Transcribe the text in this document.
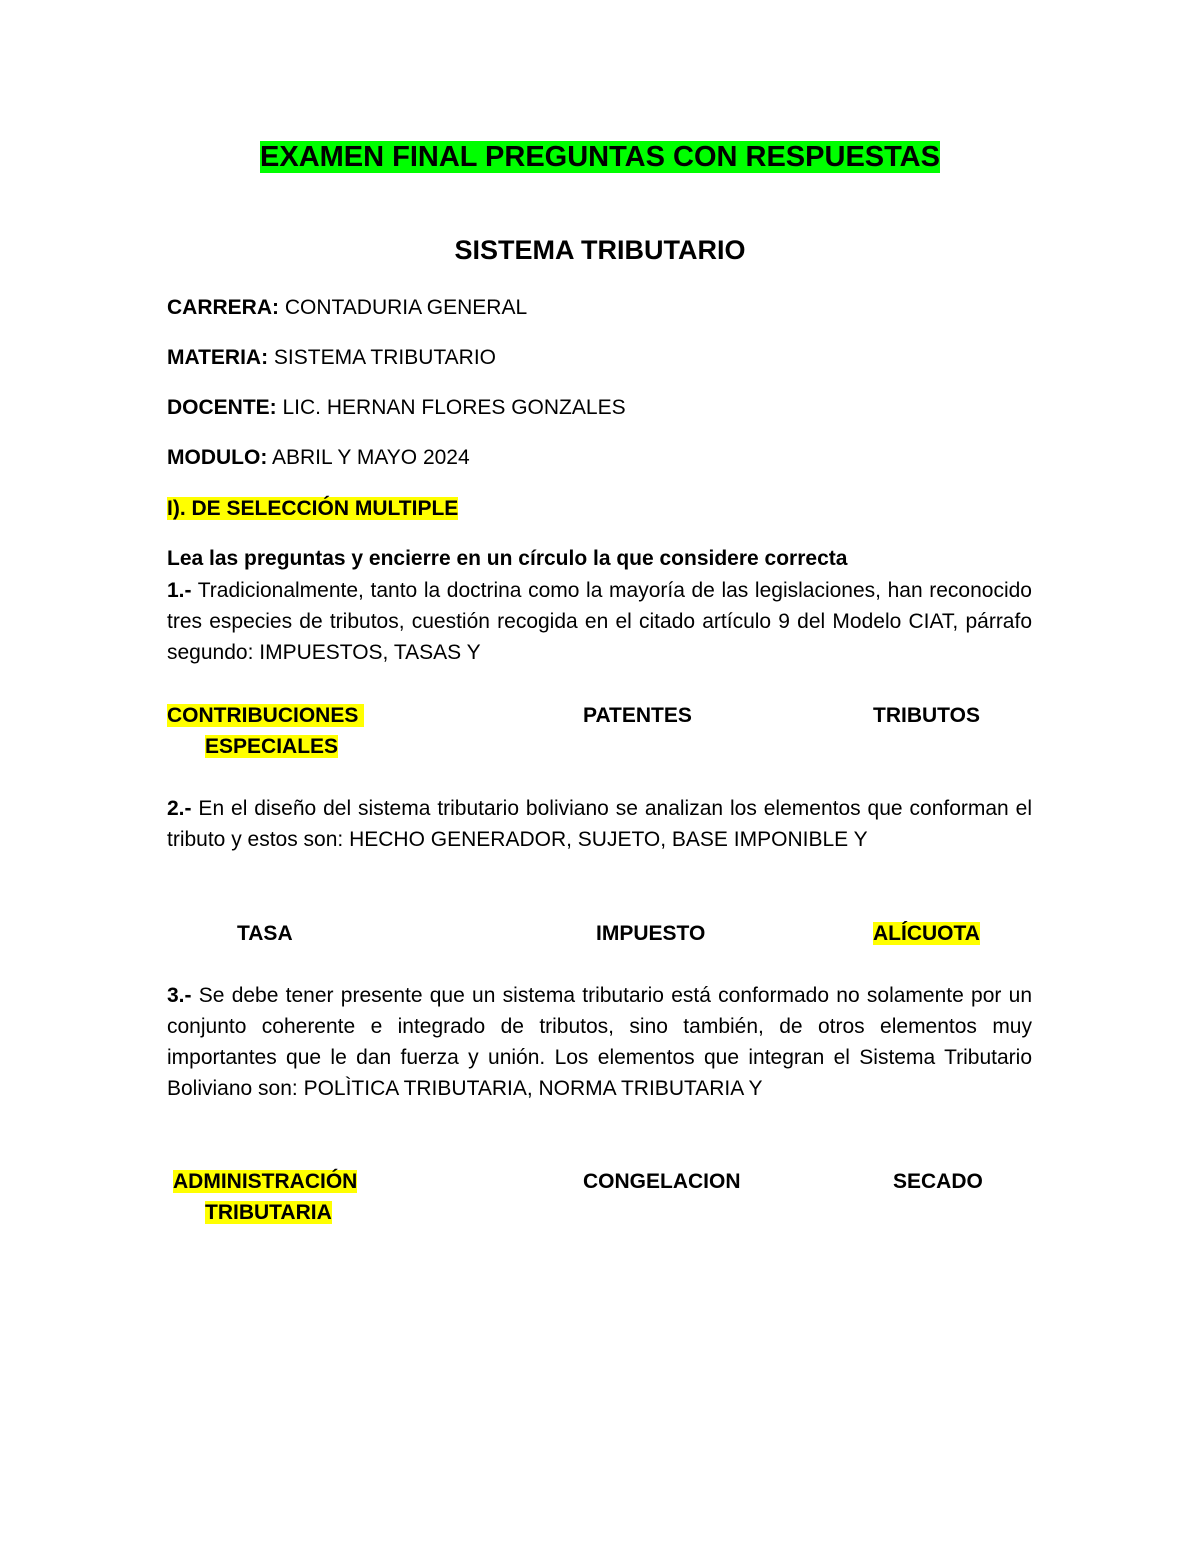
EXAMEN FINAL PREGUNTAS CON RESPUESTAS
SISTEMA TRIBUTARIO
CARRERA: CONTADURIA GENERAL
MATERIA: SISTEMA TRIBUTARIO
DOCENTE: LIC. HERNAN FLORES GONZALES
MODULO: ABRIL Y MAYO 2024
I). DE SELECCIÓN MULTIPLE
Lea las preguntas y encierre en un círculo la que considere correcta
1.- Tradicionalmente, tanto la doctrina como la mayoría de las legislaciones, han reconocido tres especies de tributos, cuestión recogida en el citado artículo 9 del Modelo CIAT, párrafo segundo: IMPUESTOS, TASAS Y
CONTRIBUCIONES
ESPECIALES
PATENTES	TRIBUTOS
2.- En el diseño del sistema tributario boliviano se analizan los elementos que conforman el tributo y estos son: HECHO GENERADOR, SUJETO, BASE IMPONIBLE Y
TASA	IMPUESTO	ALÍCUOTA
3.- Se debe tener presente que un sistema tributario está conformado no solamente por un conjunto coherente e integrado de tributos, sino también, de otros elementos muy importantes que le dan fuerza y unión. Los elementos que integran el Sistema Tributario Boliviano son: POLÌTICA TRIBUTARIA, NORMA TRIBUTARIA Y
ADMINISTRACIÓN
TRIBUTARIA
CONGELACION	SECADO
